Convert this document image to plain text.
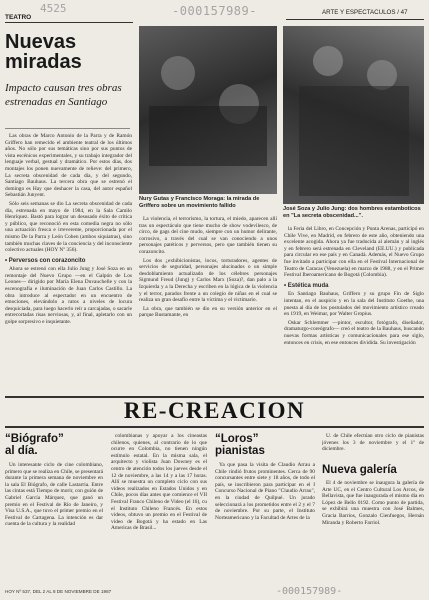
4525	-000157989-
TEATRO
ARTE Y ESPECTACULOS / 47
Nuevas
miradas
Impacto causan tres obras estrenadas en Santiago

Las obras de Marco Antonio de la Parra y de Ramón Griffero han remecido el ambiente teatral de los últimos años. No sólo por sus temáticas sino por sus puntos de vista escénicos experimentales, y su trabajo integrador del lenguaje verbal, gestual y dramático. Por estos días, dos montajes los ponen nuevamente de relieve: del primero, La secreta obscenidad de cada día, y del segundo, Santiago Bauhaus. La tercera obra que se estrenó el domingo es Hay que deshacer la casa, del autor español Sebastián Junyent.

Sólo seis semanas se dio La secreta obscenidad de cada día, estrenada en mayo de 1984, en la Sala Camilo Henríquez. Bastó para lograr un desusado éxito de crítica y público, que reconoció en esta comedia negra no sólo una actuación fresca e irreverente, proporcionada por el mismo De la Parra y León Cohen (ambos siquiatras), sino también muchas claves de la conciencia y del inconsciente colectivo actuales (HOY Nº 356).

• Perversos con corazoncito

Ahora se estrenó con ella Julio Jung y José Soza en un remontaje del Nuevo Grupo —en el Galpón de Los Leones— dirigido por María Elena Duvauchelle y con la escenografía e iluminación de Juan Carlos Castillo. La obra introduce al espectador en un encuentro de emociones, elevándolo a ratos a niveles de locura desquiciada, para luego hacerlo reír a carcajadas, o sacarle entrecortadas risas nerviosas, y, al final, apletarlo con un golpe sorpresivo e inquietante.

Nury Gutas y Francisco Moraga: la mirada de Griffero sobre un movimiento fallido
José Soza y Julio Jung: dos hombres estamboticos en "La secreta obscenidad...".

La violencia, el terrorismo, la tortura, el miedo, aparecen allí tras un espectáculo que tiene mucho de show vodevilesco, de circo, de gags del cine mudo, siempre con un humor delirante, corrosivo, a través del cual se van conociendo a unos personajes patéticos y perversos, pero que también tienen su corazoncito.

Los dos ¿exhibicionistas, locos, torturadores, agentes de servicios de seguridad, personajes alucinados o un simple desdoblamiento actualizado de los célebres personajes Sigmund Freud (Jung) y Carlos Marx (Soza)?, dan palo a la Izquierda y a la Derecha y escriben en la lógica de la violencia y el terror, parados frente a un colegio de niñas en el cual se realiza un gran desafío entre la víctima y el victimario.

La obra, que también se dio en su versión anterior en el parque Bustamante, en

la Feria del Libro, en Concepción y Punta Arenas, participó en Chile Vive, en Madrid, en febrero de este año, obteniendo una excelente acogida. Ahora ya fue traducida al alemán y al inglés y en febrero será estrenada en Cleveland (EE.UU.) y publicada para circular en ese país y en Canadá. Además, el Nuevo Grupo fue invitado a participar con ella en el Festival Internacional de Teatro de Caracas (Venezuela) en marzo de 1988, y en el Primer Festival Iberoamericano de Bogotá (Colombia).

• Estética muda

En Santiago Bauhaus, Griffero y su grupo Fin de Siglo intentan, en el auspicio y en la sala del Instituto Goethe, una puesta al día de los postulados del movimiento artístico creado en 1919, en Weimar, por Walter Gropius.

Oskar Schlemmer —pintor, escultor, fotógrafo, diseñador, dramaturgo-coreógrafo— creó el teatro de la Bauhaus, buscando nuevas formas artísticas y comunicacionales para ese siglo, entonces en crisis, en ese entonces dividida. Su investigación

RE-CREACION
“Biógrafo”
al día.

Un interesante ciclo de cine colombiano, primero que se realiza en Chile, se presentará durante la primera semana de noviembre en la sala El Biógrafo, de calle Lastarria. Entre las cintas está Tiempo de morir, con guión de Gabriel García Márquez, que ganó un premio en el Festival de Río de Janeiro, y Visa U.S.A., que tuvo el primer premio en el Festival de Cartagena. La intención es dar cuenta de la cultura y la realidad

colombianas y apoyar a los cineastas chilenos, quienes, al contrario de lo que ocurre en Colombia, no tienen ningún estímulo estatal. En la misma sala, el arquitecto y violista Juan Downey es el centro de atención todos los jueves desde el 12 de noviembre, a las 14 y a las 17 horas. Allí se muestra un completo ciclo con sus videos realizados en Estados Unidos y en Chile, pocos días antes que comience el VII Festival Franco Chileno de Video (el 16), cu el Instituto Chileno Francés. En estos videos, obtuvo un premio en el Festival de video de Bogotá y ha estado en Las Americas de Brasil...

“Loros”
pianistas

Ya que pasa la visita de Claudio Arrau a Chile rindió frutos prominentes. Cerca de 90 concursantes entre siete y 18 años, de todo el país, se inscribieron para participar en el I Concurso Nacional de Piano "Claudio Arrau", en la ciudad de Quilpué. Un jurado seleccionará a los prometidos entre el 2 y el 7 de noviembre. Por su parte, el Instituto Norteamericano y la Facultad de Artes de la

U. de Chile efectúan otro ciclo de pianistas jóvenes los 3 de noviembre y el 1º de diciembre.

Nueva galería

El 4 de noviembre se inaugura la galería de Arte UC, en el Centro Cultural Los Arcos, de Bellavista, que fue inaugurada el mismo día en López de Bello 0192. Como punto de partida, se exhibirá una muestra con José Balmes, Gracia Barrios, Gonzalo Cienfuegos, Hernán Miranda y Roberto Farriol.

HOY Nº 537, DEL 2 AL 8 DE NOVIEMBRE DE 1987	-000157989-
